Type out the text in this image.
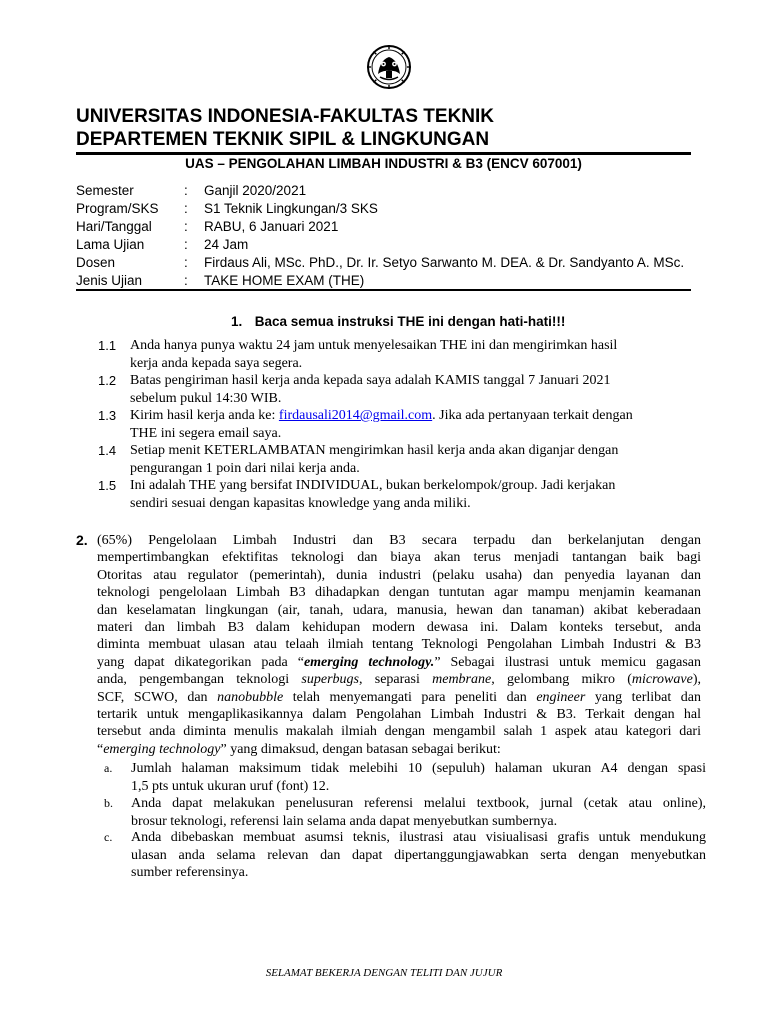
UNIVERSITAS INDONESIA-FAKULTAS TEKNIK
DEPARTEMEN TEKNIK SIPIL & LINGKUNGAN
UAS – PENGOLAHAN LIMBAH INDUSTRI & B3 (ENCV 607001)
Semester	: Ganjil 2020/2021
Program/SKS : S1 Teknik Lingkungan/3 SKS
Hari/Tanggal : RABU, 6 Januari 2021
Lama Ujian	: 24 Jam
Dosen	: Firdaus Ali, MSc. PhD., Dr. Ir. Setyo Sarwanto M. DEA. & Dr. Sandyanto A. MSc.
Jenis Ujian	: TAKE HOME EXAM (THE)
1. Baca semua instruksi THE ini dengan hati-hati!!!
1.1 Anda hanya punya waktu 24 jam untuk menyelesaikan THE ini dan mengirimkan hasil
kerja anda kepada saya segera.
1.2 Batas pengiriman hasil kerja anda kepada saya adalah KAMIS tanggal 7 Januari 2021
sebelum pukul 14:30 WIB.
1.3 Kirim hasil kerja anda ke: firdausali2014@gmail.com. Jika ada pertanyaan terkait dengan
THE ini segera email saya.
1.4 Setiap menit KETERLAMBATAN mengirimkan hasil kerja anda akan diganjar dengan
pengurangan 1 poin dari nilai kerja anda.
1.5 Ini adalah THE yang bersifat INDIVIDUAL, bukan berkelompok/group. Jadi kerjakan
sendiri sesuai dengan kapasitas knowledge yang anda miliki.
2. (65%) Pengelolaan Limbah Industri dan B3 secara terpadu dan berkelanjutan dengan
mempertimbangkan efektifitas teknologi dan biaya akan terus menjadi tantangan baik bagi
Otoritas atau regulator (pemerintah), dunia industri (pelaku usaha) dan penyedia layanan dan
teknologi pengelolaan Limbah B3 dihadapkan dengan tuntutan agar mampu menjamin keamanan
dan keselamatan lingkungan (air, tanah, udara, manusia, hewan dan tanaman) akibat keberadaan
materi dan limbah B3 dalam kehidupan modern dewasa ini. Dalam konteks tersebut, anda
diminta membuat ulasan atau telaah ilmiah tentang Teknologi Pengolahan Limbah Industri & B3
yang dapat dikategorikan pada “emerging technology.” Sebagai ilustrasi untuk memicu gagasan
anda, pengembangan teknologi superbugs, separasi membrane, gelombang mikro (microwave),
SCF, SCWO, dan nanobubble telah menyemangati para peneliti dan engineer yang terlibat dan
tertarik untuk mengaplikasikannya dalam Pengolahan Limbah Industri & B3. Terkait dengan hal
tersebut anda diminta menulis makalah ilmiah dengan mengambil salah 1 aspek atau kategori dari
“emerging technology” yang dimaksud, dengan batasan sebagai berikut:
a. Jumlah halaman maksimum tidak melebihi 10 (sepuluh) halaman ukuran A4 dengan spasi
1,5 pts untuk ukuran uruf (font) 12.
b. Anda dapat melakukan penelusuran referensi melalui textbook, jurnal (cetak atau online),
brosur teknologi, referensi lain selama anda dapat menyebutkan sumbernya.
c. Anda dibebaskan membuat asumsi teknis, ilustrasi atau visiualisasi grafis untuk mendukung
ulasan anda selama relevan dan dapat dipertanggungjawabkan serta dengan menyebutkan
sumber referensinya.
SELAMAT BEKERJA DENGAN TELITI DAN JUJUR
